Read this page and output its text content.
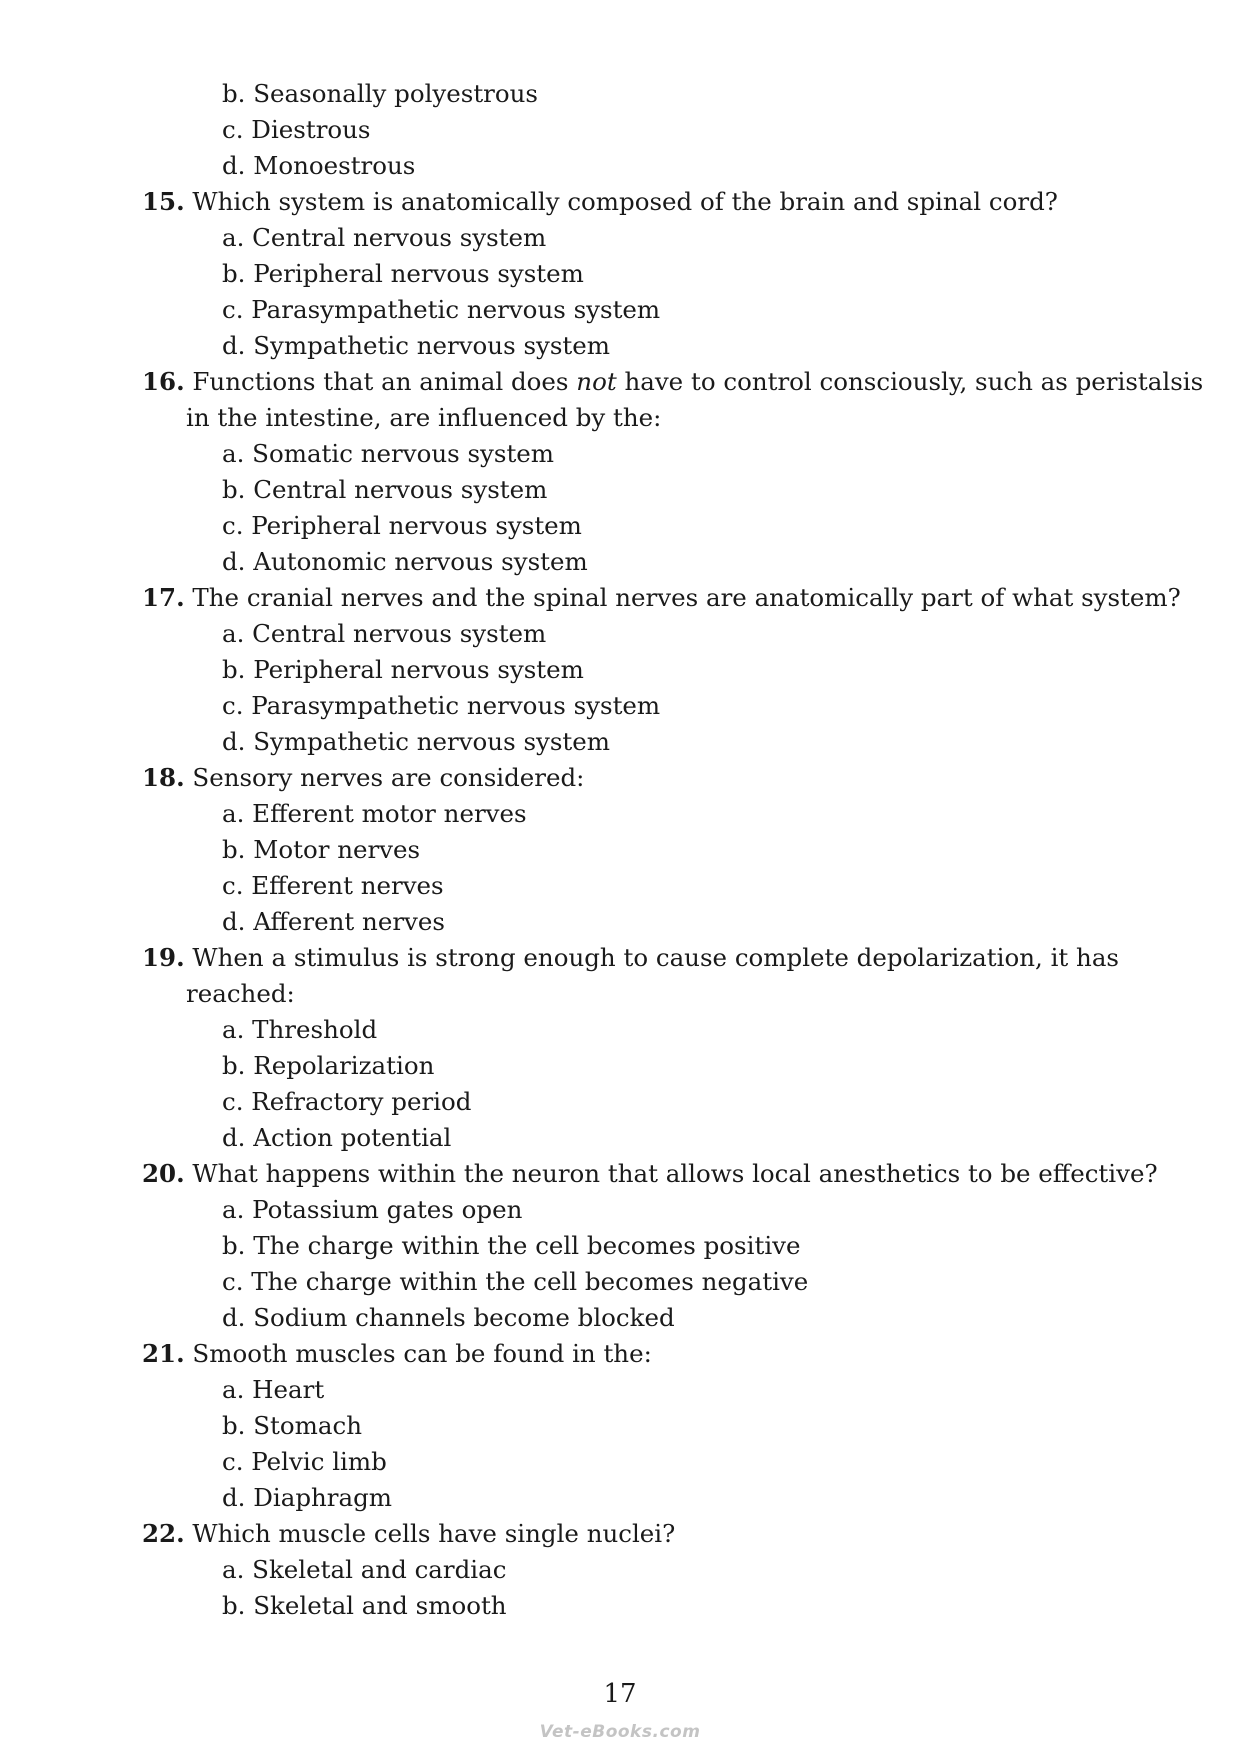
b. Seasonally polyestrous
c. Diestrous
d. Monoestrous
15. Which system is anatomically composed of the brain and spinal cord?
a. Central nervous system
b. Peripheral nervous system
c. Parasympathetic nervous system
d. Sympathetic nervous system
16. Functions that an animal does not have to control consciously, such as peristalsis
in the intestine, are influenced by the:
a. Somatic nervous system
b. Central nervous system
c. Peripheral nervous system
d. Autonomic nervous system
17. The cranial nerves and the spinal nerves are anatomically part of what system?
a. Central nervous system
b. Peripheral nervous system
c. Parasympathetic nervous system
d. Sympathetic nervous system
18. Sensory nerves are considered:
a. Efferent motor nerves
b. Motor nerves
c. Efferent nerves
d. Afferent nerves
19. When a stimulus is strong enough to cause complete depolarization, it has
reached:
a. Threshold
b. Repolarization
c. Refractory period
d. Action potential
20. What happens within the neuron that allows local anesthetics to be effective?
a. Potassium gates open
b. The charge within the cell becomes positive
c. The charge within the cell becomes negative
d. Sodium channels become blocked
21. Smooth muscles can be found in the:
a. Heart
b. Stomach
c. Pelvic limb
d. Diaphragm
22. Which muscle cells have single nuclei?
a. Skeletal and cardiac
b. Skeletal and smooth
17
Vet-eBooks.com
